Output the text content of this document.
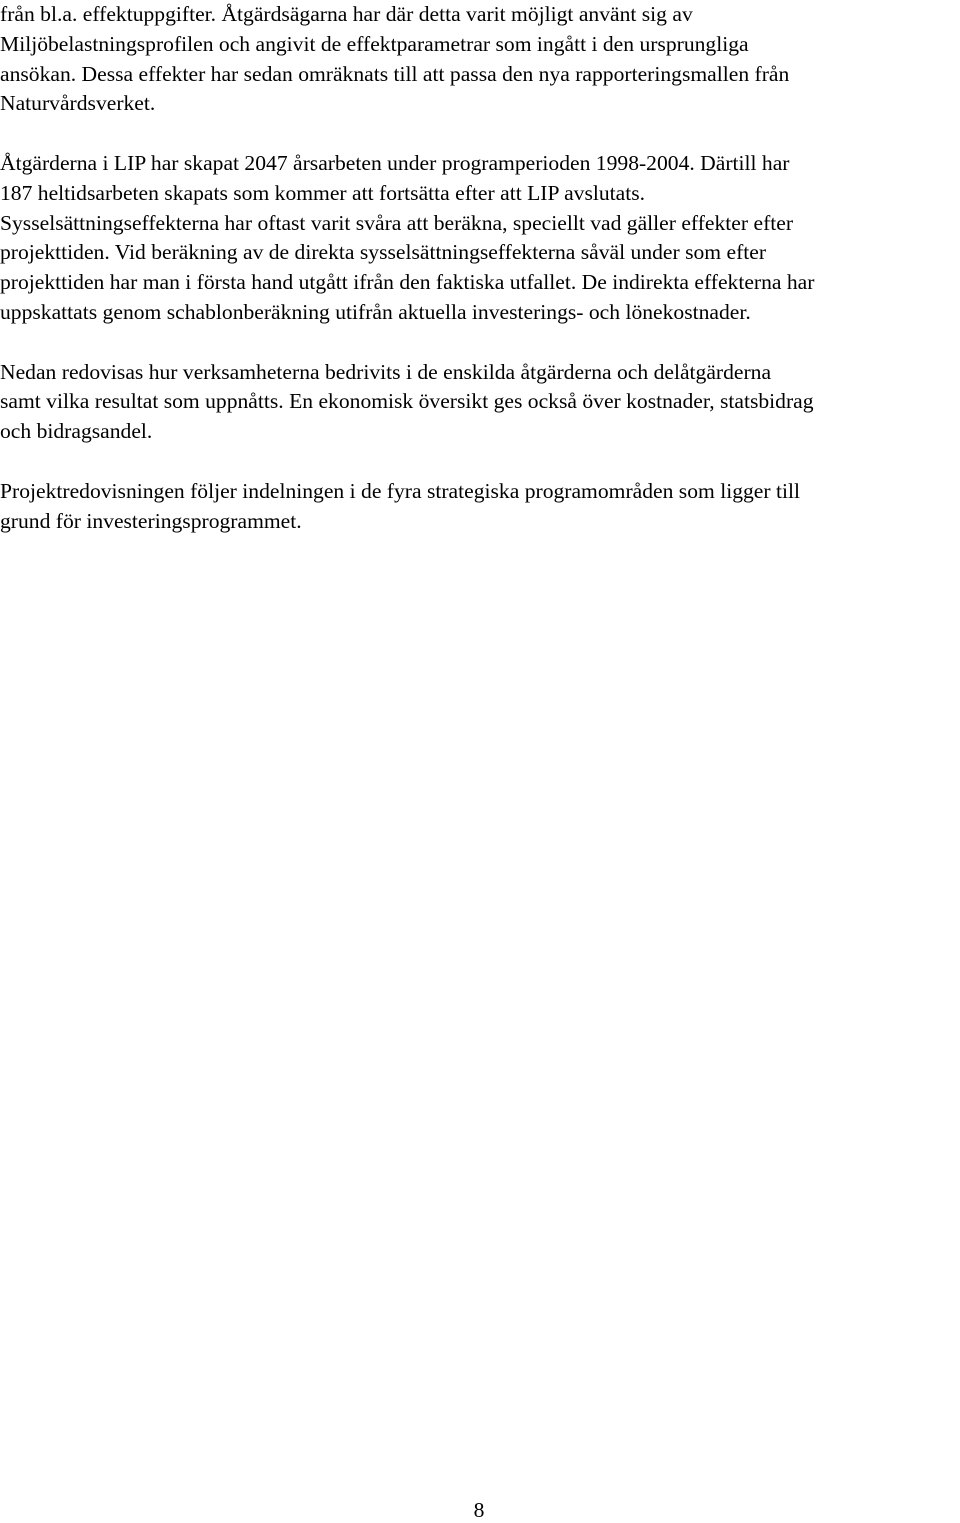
från bl.a. effektuppgifter. Åtgärdsägarna har där detta varit möjligt använt sig av
Miljöbelastningsprofilen och angivit de effektparametrar som ingått i den ursprungliga
ansökan. Dessa effekter har sedan omräknats till att passa den nya rapporteringsmallen från
Naturvårdsverket.

Åtgärderna i LIP har skapat 2047 årsarbeten under programperioden 1998-2004. Därtill har
187 heltidsarbeten skapats som kommer att fortsätta efter att LIP avslutats.
Sysselsättningseffekterna har oftast varit svåra att beräkna, speciellt vad gäller effekter efter
projekttiden. Vid beräkning av de direkta sysselsättningseffekterna såväl under som efter
projekttiden har man i första hand utgått ifrån den faktiska utfallet. De indirekta effekterna har
uppskattats genom schablonberäkning utifrån aktuella investerings- och lönekostnader.

Nedan redovisas hur verksamheterna bedrivits i de enskilda åtgärderna och delåtgärderna
samt vilka resultat som uppnåtts. En ekonomisk översikt ges också över kostnader, statsbidrag
och bidragsandel.

Projektredovisningen följer indelningen i de fyra strategiska programområden som ligger till
grund för investeringsprogrammet.

8
